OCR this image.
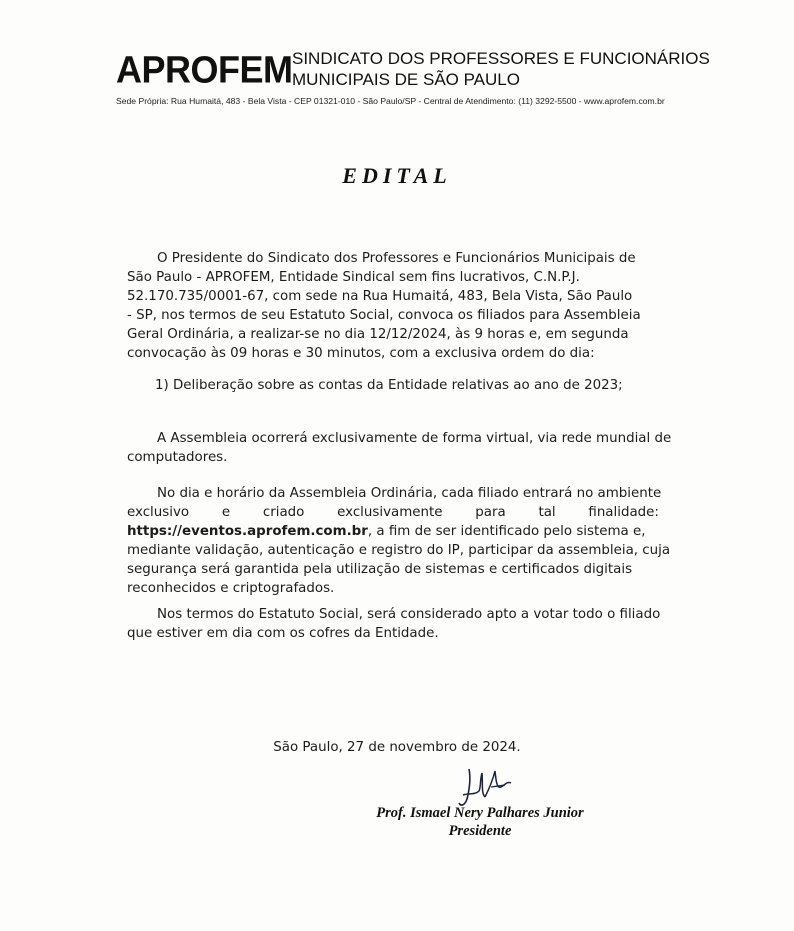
APROFEM SINDICATO DOS PROFESSORES E FUNCIONÁRIOS
MUNICIPAIS DE SÃO PAULO
Sede Própria: Rua Humaitá, 483 - Bela Vista - CEP 01321-010 - São Paulo/SP - Central de Atendimento: (11) 3292-5500 - www.aprofem.com.br
EDITAL
O Presidente do Sindicato dos Professores e Funcionários Municipais de
São Paulo - APROFEM, Entidade Sindical sem fins lucrativos, C.N.P.J.
52.170.735/0001-67, com sede na Rua Humaitá, 483, Bela Vista, São Paulo
- SP, nos termos de seu Estatuto Social, convoca os filiados para Assembleia
Geral Ordinária, a realizar-se no dia 12/12/2024, às 9 horas e, em segunda
convocação às 09 horas e 30 minutos, com a exclusiva ordem do dia:
1) Deliberação sobre as contas da Entidade relativas ao ano de 2023;
A Assembleia ocorrerá exclusivamente de forma virtual, via rede mundial de
computadores.
No dia e horário da Assembleia Ordinária, cada filiado entrará no ambiente
exclusivo e criado exclusivamente para tal finalidade:
https://eventos.aprofem.com.br, a fim de ser identificado pelo sistema e,
mediante validação, autenticação e registro do IP, participar da assembleia, cuja
segurança será garantida pela utilização de sistemas e certificados digitais
reconhecidos e criptografados.
Nos termos do Estatuto Social, será considerado apto a votar todo o filiado
que estiver em dia com os cofres da Entidade.
São Paulo, 27 de novembro de 2024.
Prof. Ismael Nery Palhares Junior
Presidente
